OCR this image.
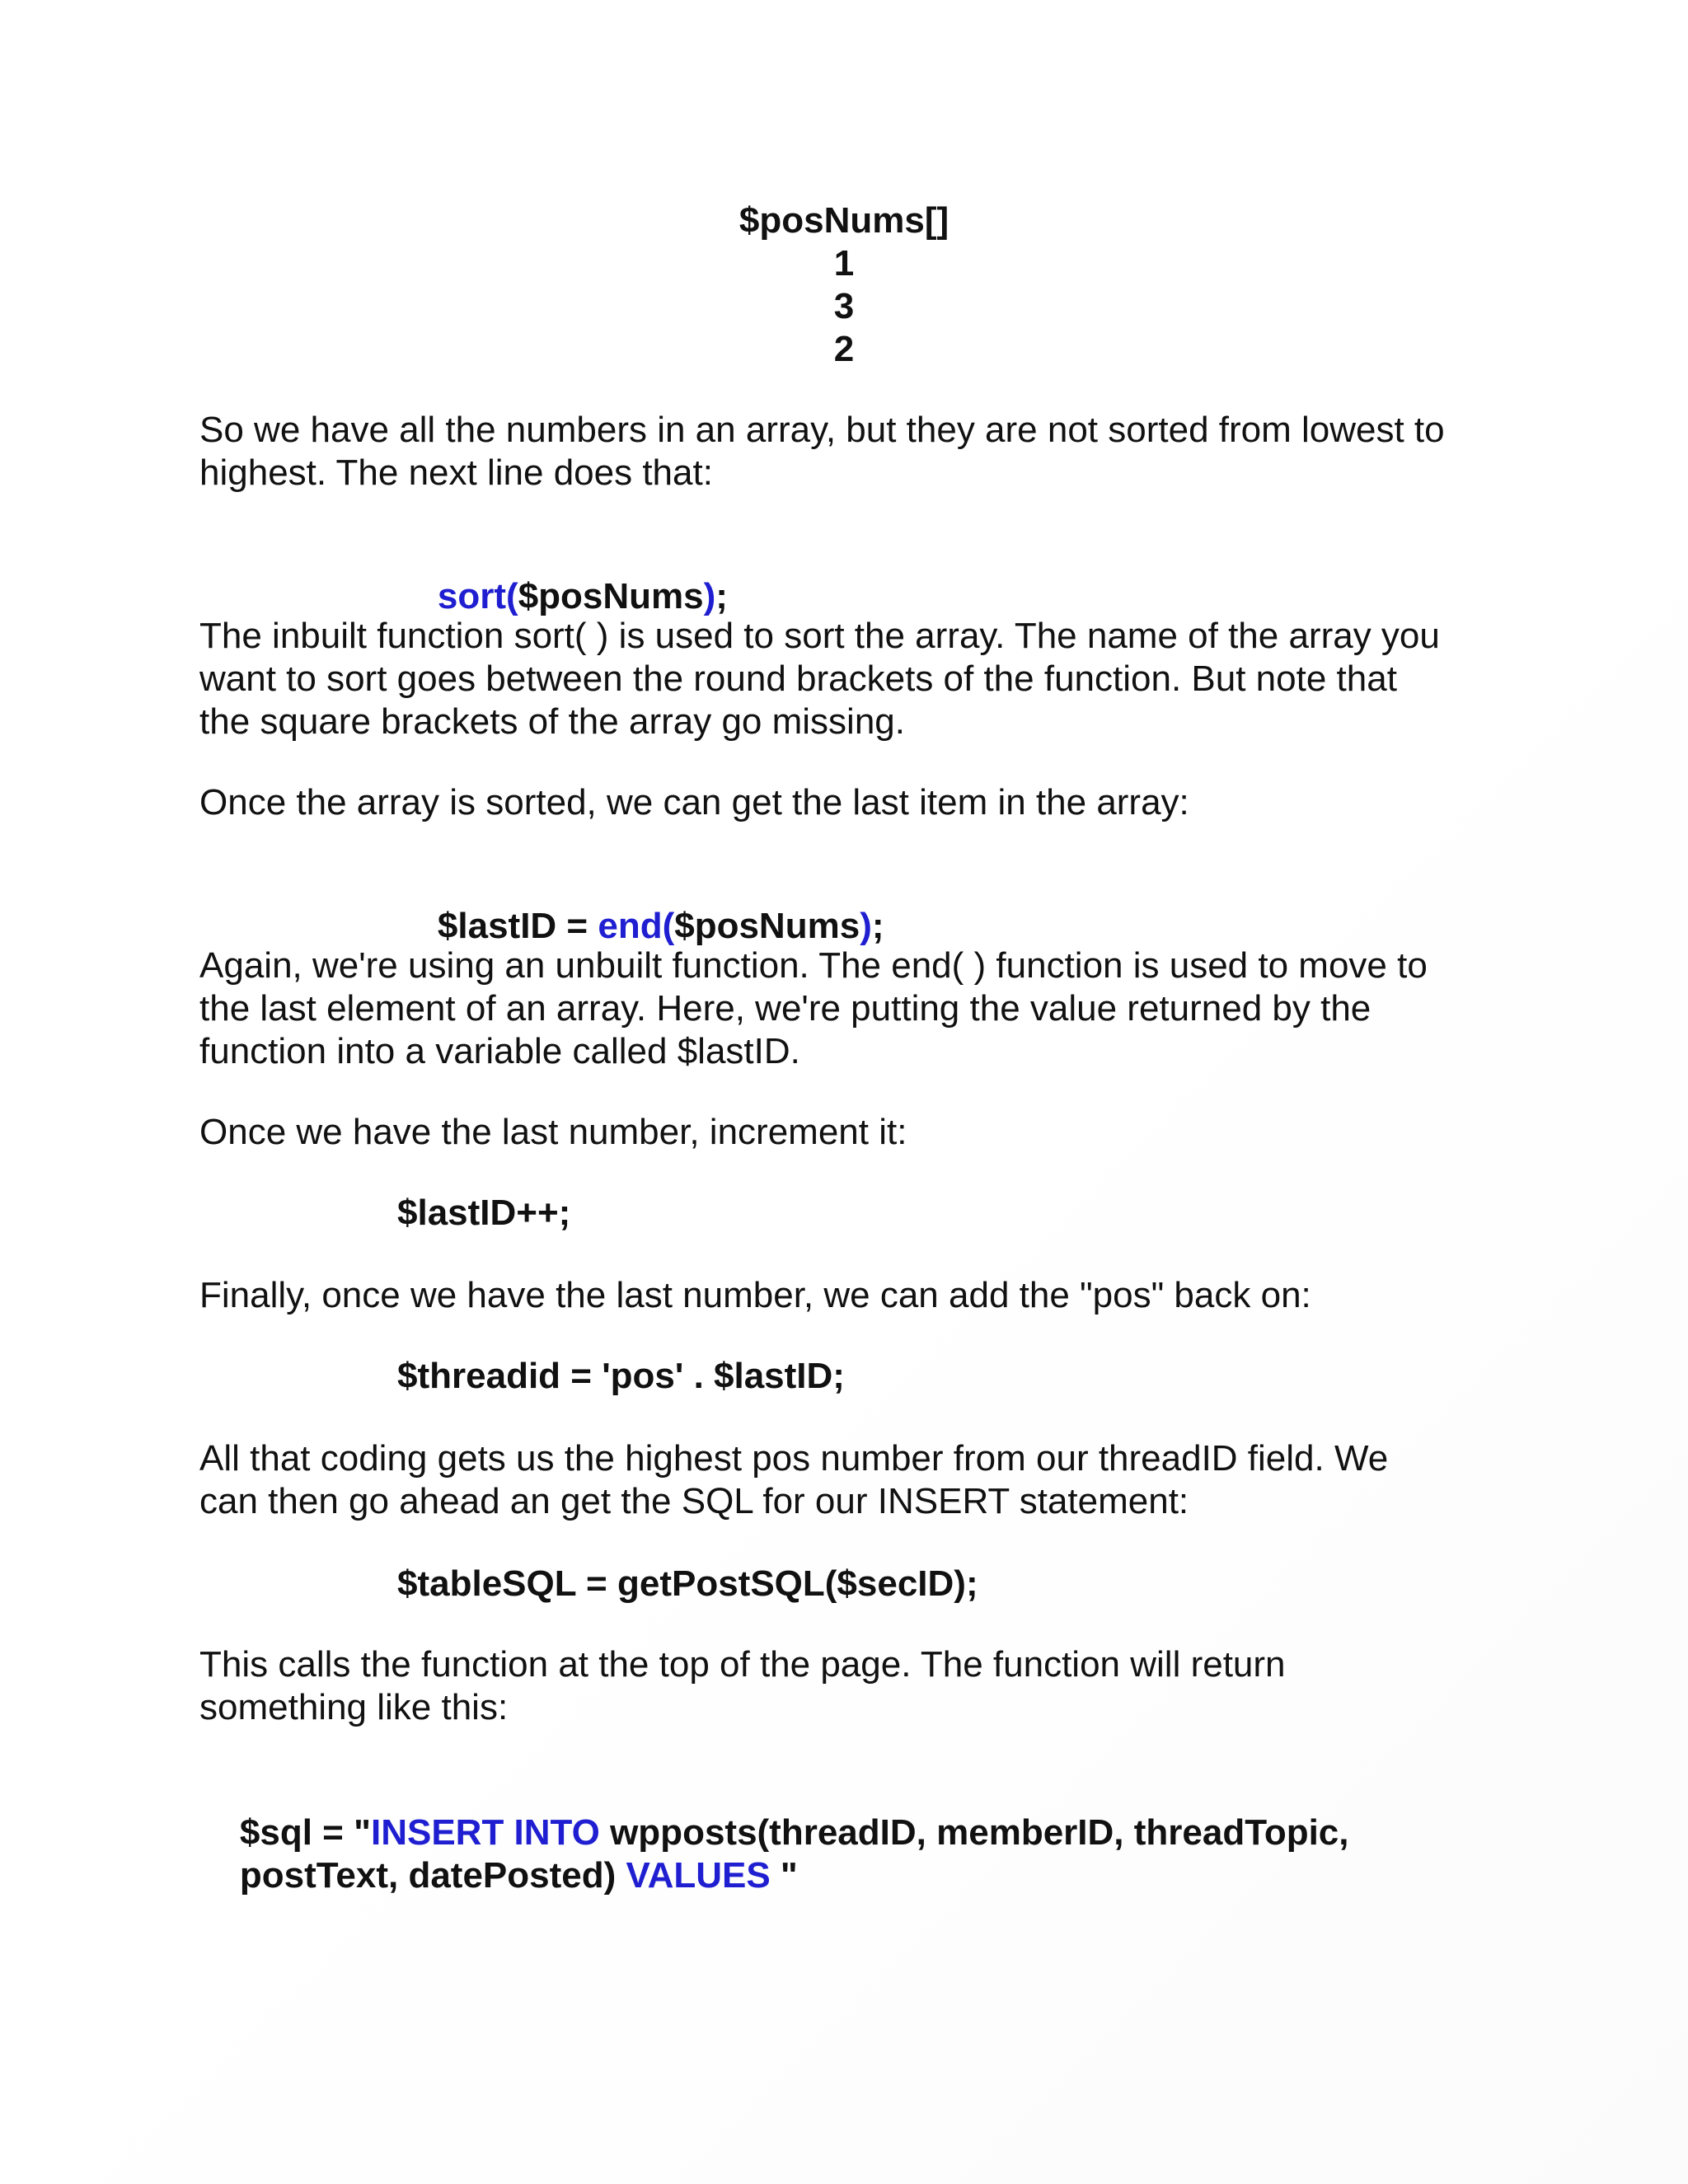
$posNums[]
1
3
2
So we have all the numbers in an array, but they are not sorted from lowest to
highest. The next line does that:

sort($posNums);

The inbuilt function sort( ) is used to sort the array. The name of the array you
want to sort goes between the round brackets of the function. But note that
the square brackets of the array go missing.
Once the array is sorted, we can get the last item in the array:

$lastID = end($posNums);

Again, we're using an unbuilt function. The end( ) function is used to move to
the last element of an array. Here, we're putting the value returned by the
function into a variable called $lastID.
Once we have the last number, increment it:
$lastID++;
Finally, once we have the last number, we can add the "pos" back on:
$threadid = 'pos' . $lastID;
All that coding gets us the highest pos number from our threadID field. We
can then go ahead an get the SQL for our INSERT statement:
$tableSQL = getPostSQL($secID);
This calls the function at the top of the page. The function will return
something like this:

$sql = "INSERT INTO wpposts(threadID, memberID, threadTopic,

postText, datePosted) VALUES "
